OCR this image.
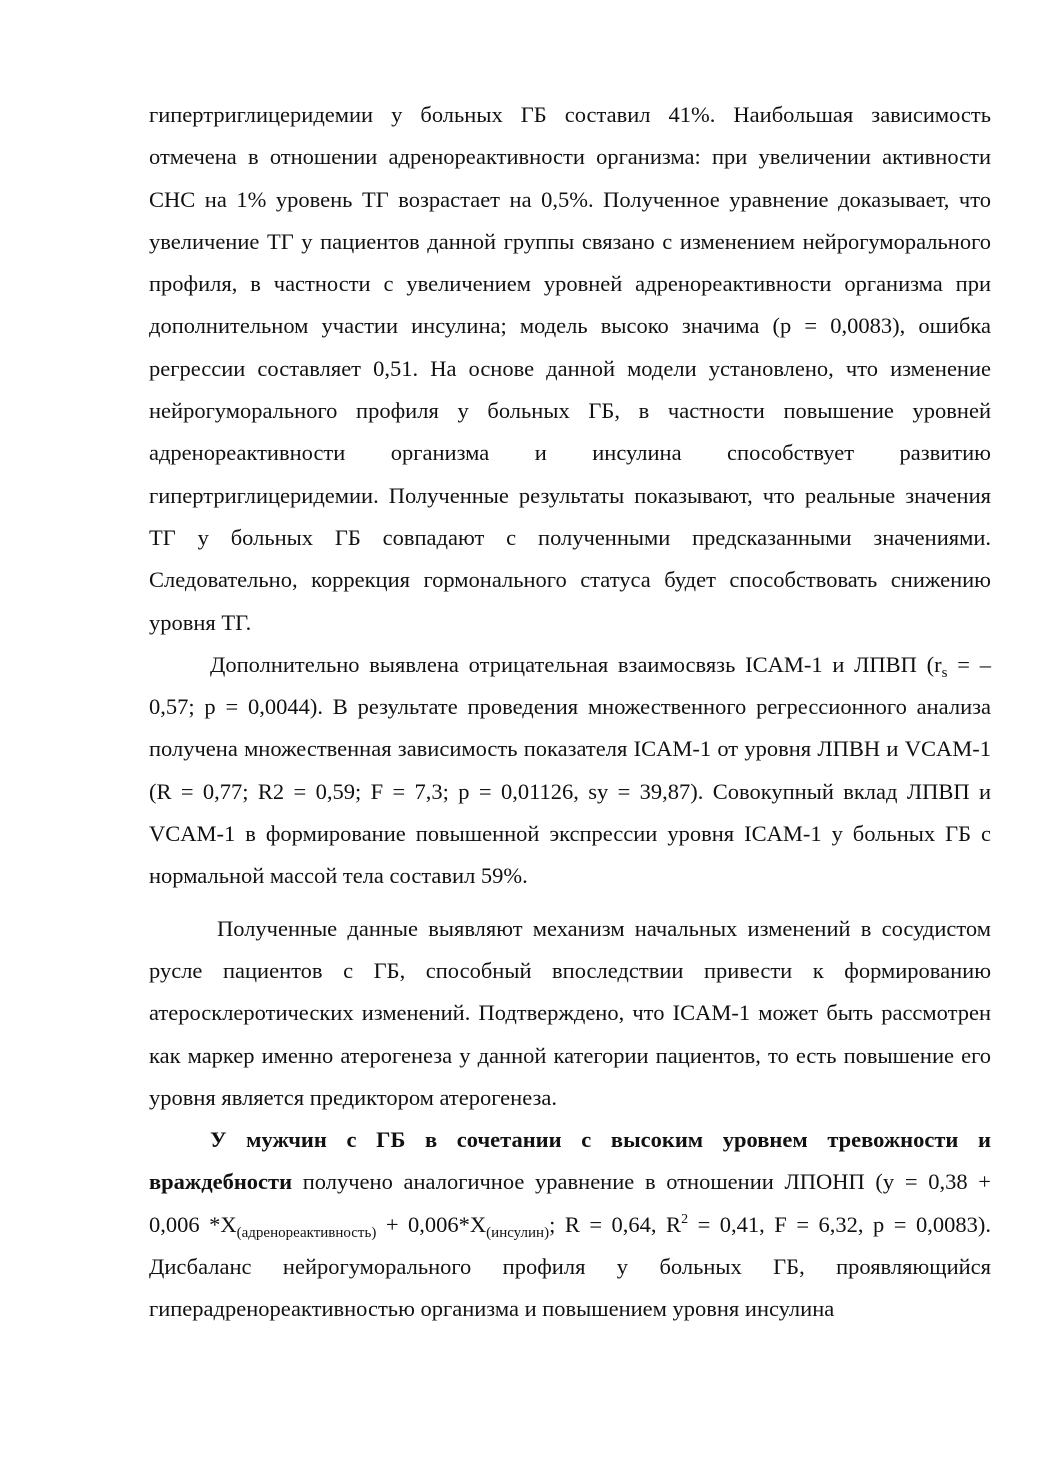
гипертриглицеридемии у больных ГБ составил 41%. Наибольшая зависимость отмечена в отношении адренореактивности организма: при увеличении активности СНС на 1% уровень ТГ возрастает на 0,5%. Полученное уравнение доказывает, что увеличение ТГ у пациентов данной группы связано с изменением нейрогуморального профиля, в частности с увеличением уровней адренореактивности организма при дополнительном участии инсулина; модель высоко значима (р = 0,0083), ошибка регрессии составляет 0,51. На основе данной модели установлено, что изменение нейрогуморального профиля у больных ГБ, в частности повышение уровней адренореактивности организма и инсулина способствует развитию гипертриглицеридемии. Полученные результаты показывают, что реальные значения ТГ у больных ГБ совпадают с полученными предсказанными значениями. Следовательно, коррекция гормонального статуса будет способствовать снижению уровня ТГ.

Дополнительно выявлена отрицательная взаимосвязь ICAM-1 и ЛПВП ($r_s$ = – 0,57; р = 0,0044). В результате проведения множественного регрессионного анализа получена множественная зависимость показателя ICAM-1 от уровня ЛПВН и VCAM-1 (R = 0,77; R2 = 0,59; F = 7,3; p = 0,01126, sy = 39,87). Совокупный вклад ЛПВП и VCAM-1 в формирование повышенной экспрессии уровня ICAM-1 у больных ГБ с нормальной массой тела составил 59%.

Полученные данные выявляют механизм начальных изменений в сосудистом русле пациентов с ГБ, способный впоследствии привести к формированию атеросклеротических изменений. Подтверждено, что ICAM-1 может быть рассмотрен как маркер именно атерогенеза у данной категории пациентов, то есть повышение его уровня является предиктором атерогенеза.

У мужчин с ГБ в сочетании с высоким уровнем тревожности и враждебности получено аналогичное уравнение в отношении ЛПОНП (у = 0,38 + 0,006 $*X_{(адренореактивность)} + 0,006*X_{(инсулин)}$; R = 0,64, $R^2 = 0,41$, F = 6,32, p = 0,0083). Дисбаланс нейрогуморального профиля у больных ГБ, проявляющийся гиперадренореактивностью организма и повышением уровня инсулина
